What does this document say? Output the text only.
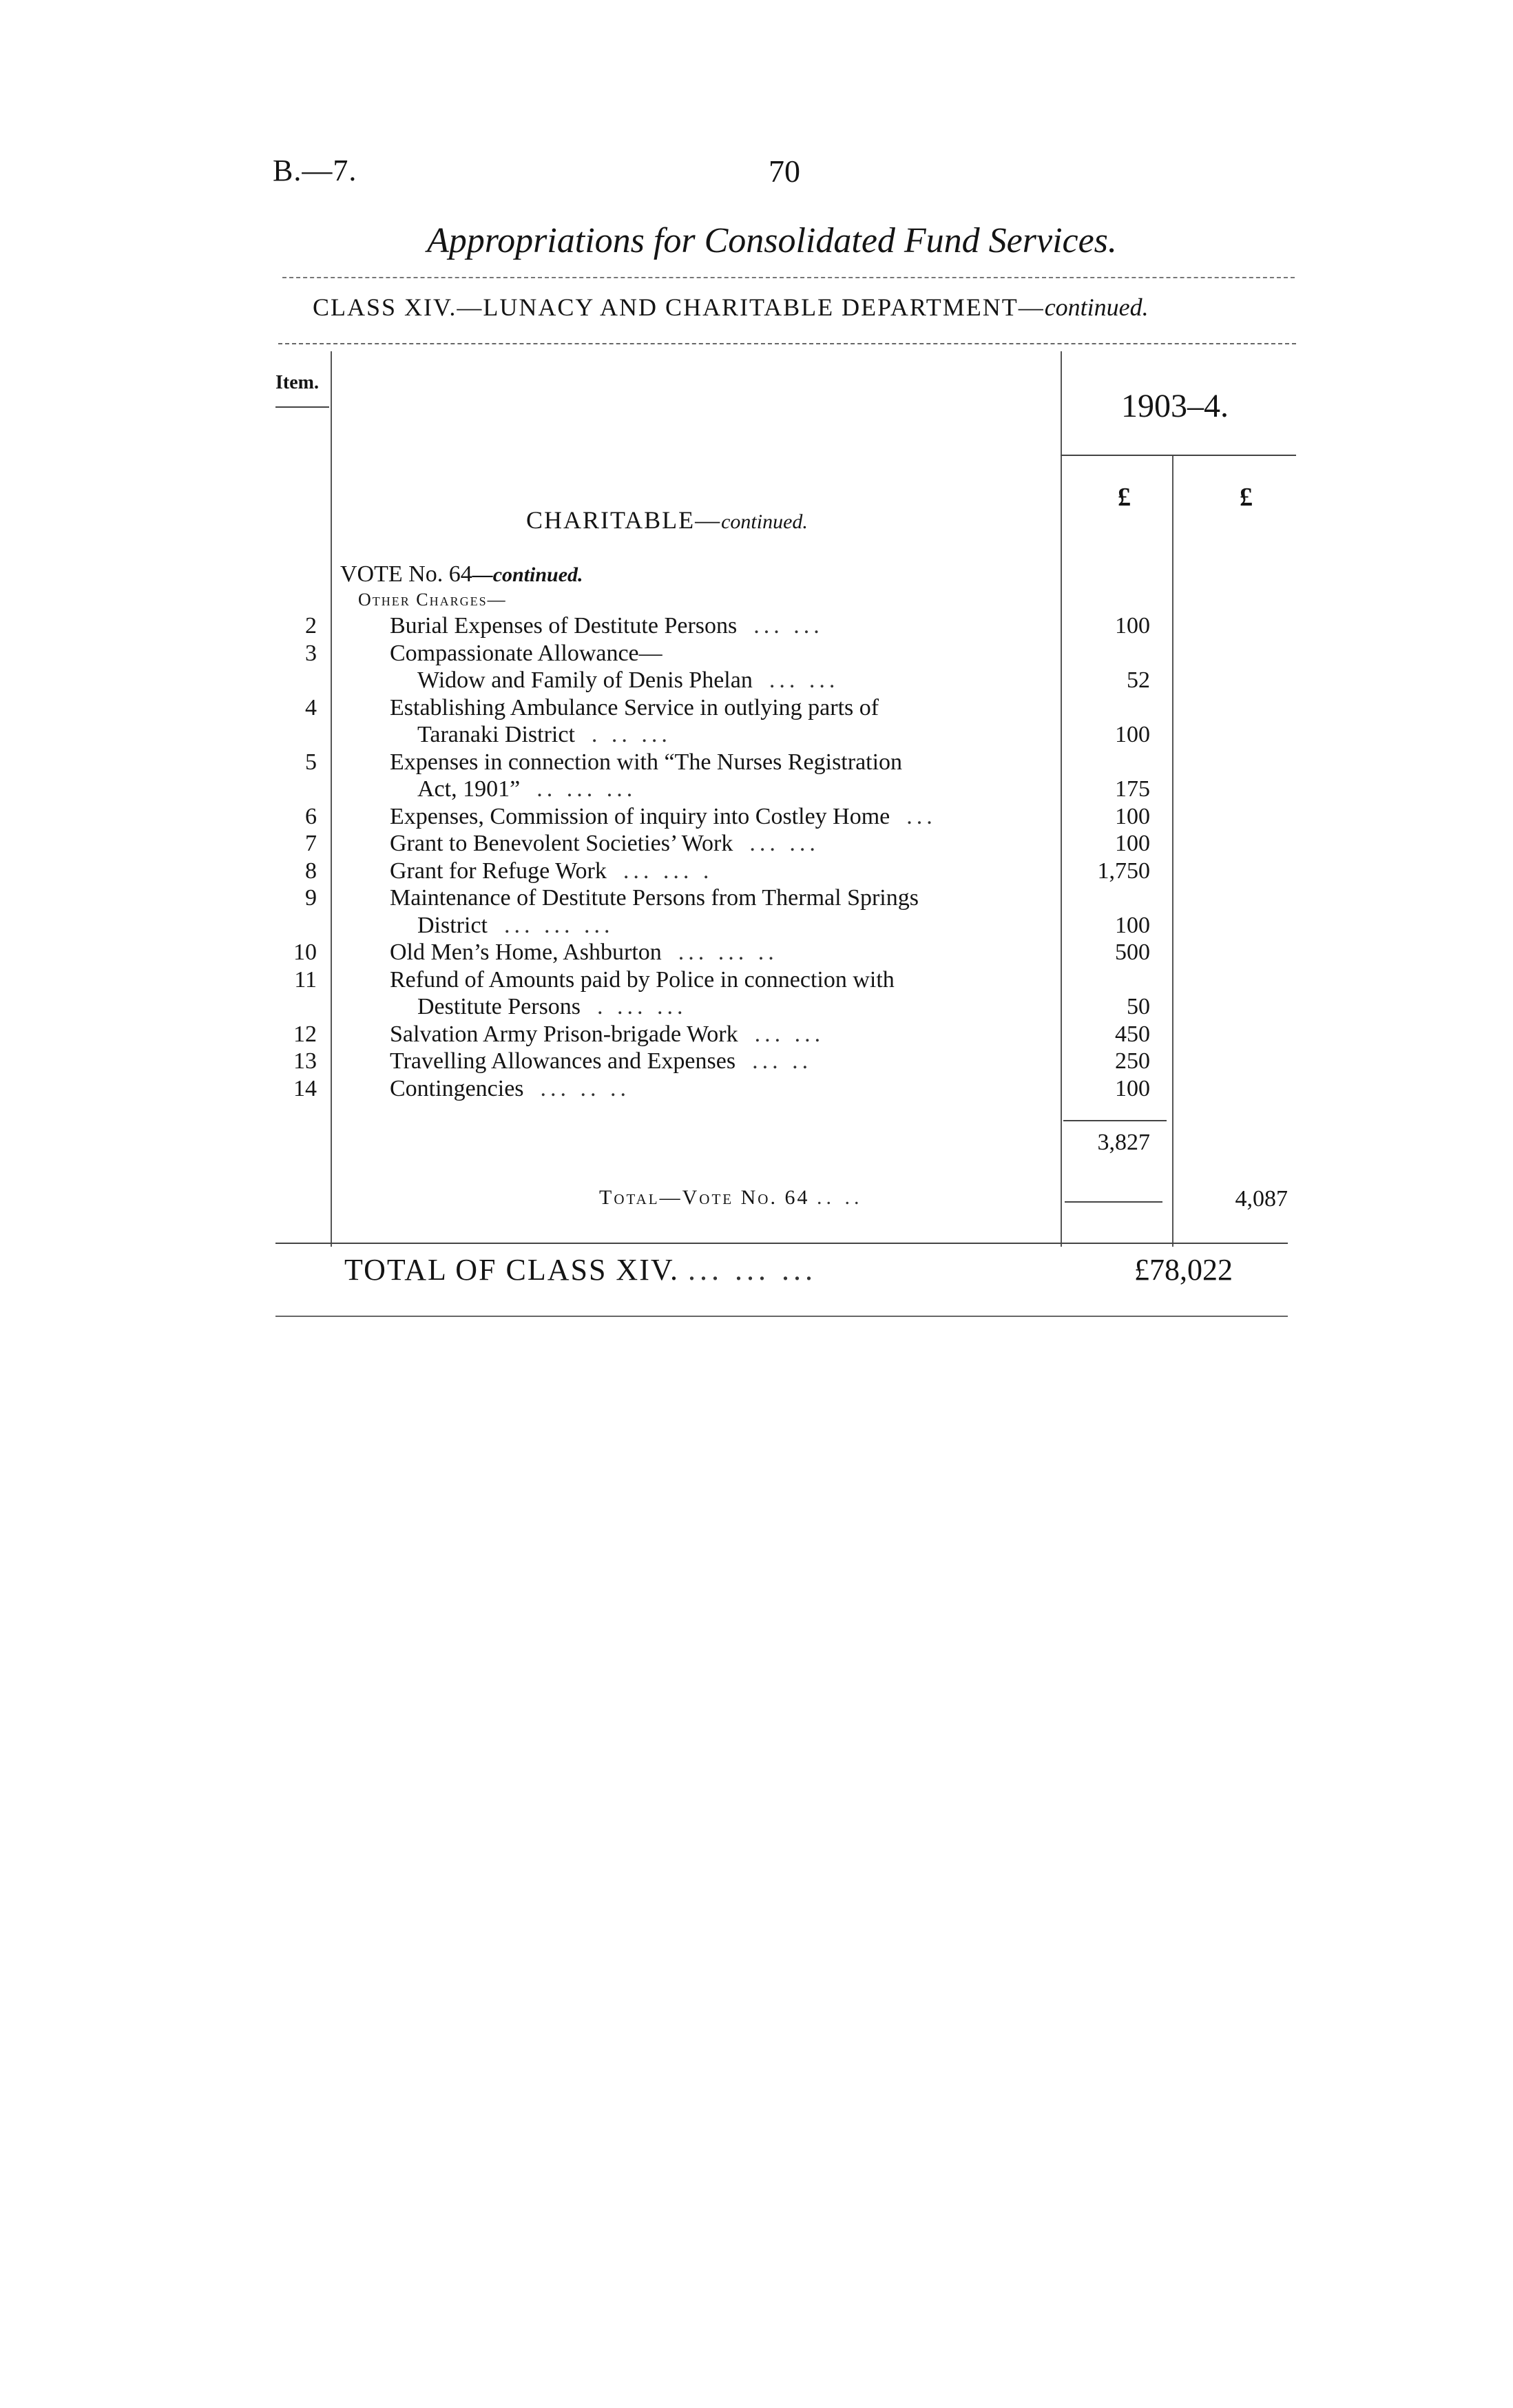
B.—7.	70
Appropriations for Consolidated Fund Services.
CLASS XIV.—LUNACY AND CHARITABLE DEPARTMENT—continued.
Item.
1903–4.
£	£
CHARITABLE—continued.
VOTE No. 64—continued.
Other Charges—
2	Burial Expenses of Destitute Persons ... ...	100
3	Compassionate Allowance—
Widow and Family of Denis Phelan ... ...	52
4	Establishing Ambulance Service in outlying parts of
Taranaki District . .. ...	100
5	Expenses in connection with “The Nurses Registration
Act, 1901” .. ... ...	175
6	Expenses, Commission of inquiry into Costley Home ...	100
7	Grant to Benevolent Societies’ Work ... ...	100
8	Grant for Refuge Work ... ... .	1,750
9	Maintenance of Destitute Persons from Thermal Springs
District ... ... ...	100
10	Old Men’s Home, Ashburton ... ... ..	500
11	Refund of Amounts paid by Police in connection with
Destitute Persons . ... ...	50
12	Salvation Army Prison-brigade Work ... ...	450
13	Travelling Allowances and Expenses ... ..	250
14	Contingencies ... .. ..	100
3,827
Total—Vote No. 64 .. ..	4,087
TOTAL OF CLASS XIV. ... ... ...	£78,022
